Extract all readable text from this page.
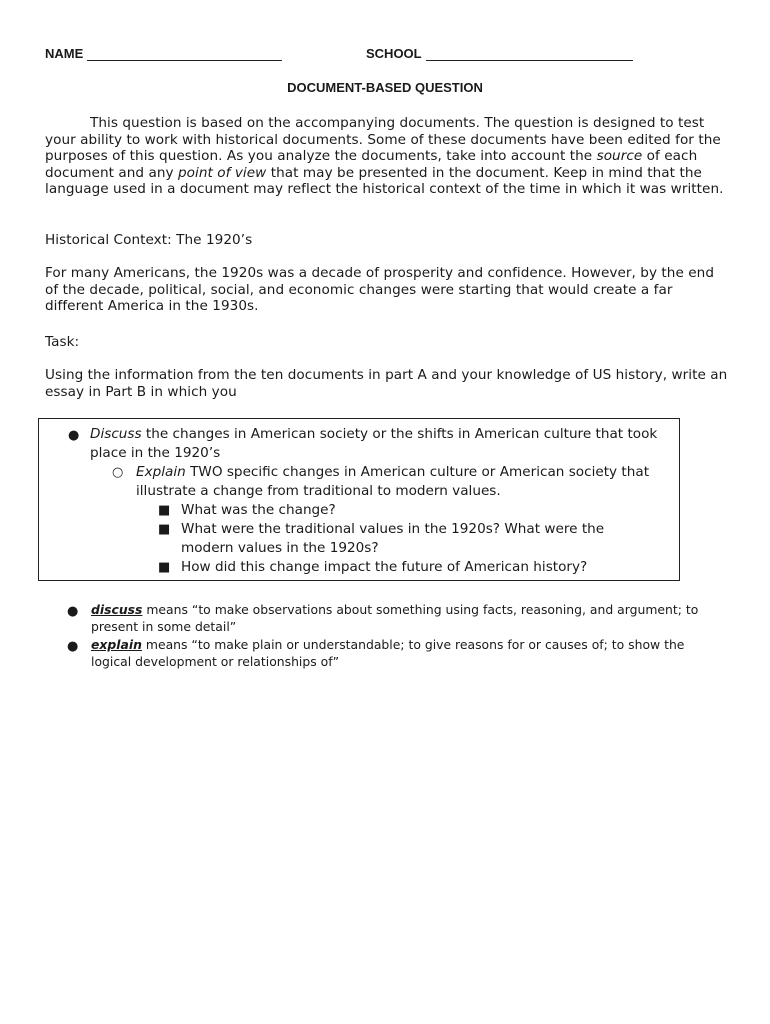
NAME	SCHOOL
DOCUMENT-BASED QUESTION
This question is based on the accompanying documents. The question is designed to test your ability to work with historical documents. Some of these documents have been edited for the purposes of this question. As you analyze the documents, take into account the source of each document and any point of view that may be presented in the document. Keep in mind that the language used in a document may reflect the historical context of the time in which it was written.
Historical Context: The 1920’s
For many Americans, the 1920s was a decade of prosperity and confidence. However, by the end of the decade, political, social, and economic changes were starting that would create a far different America in the 1930s.
Task:
Using the information from the ten documents in part A and your knowledge of US history, write an essay in Part B in which you
● Discuss the changes in American society or the shifts in American culture that took
place in the 1920’s
○ Explain TWO specific changes in American culture or American society that
illustrate a change from traditional to modern values.
■ What was the change?
■ What were the traditional values in the 1920s? What were the
modern values in the 1920s?
■ How did this change impact the future of American history?
● discuss means “to make observations about something using facts, reasoning, and argument; to
present in some detail”
● explain means “to make plain or understandable; to give reasons for or causes of; to show the
logical development or relationships of”
